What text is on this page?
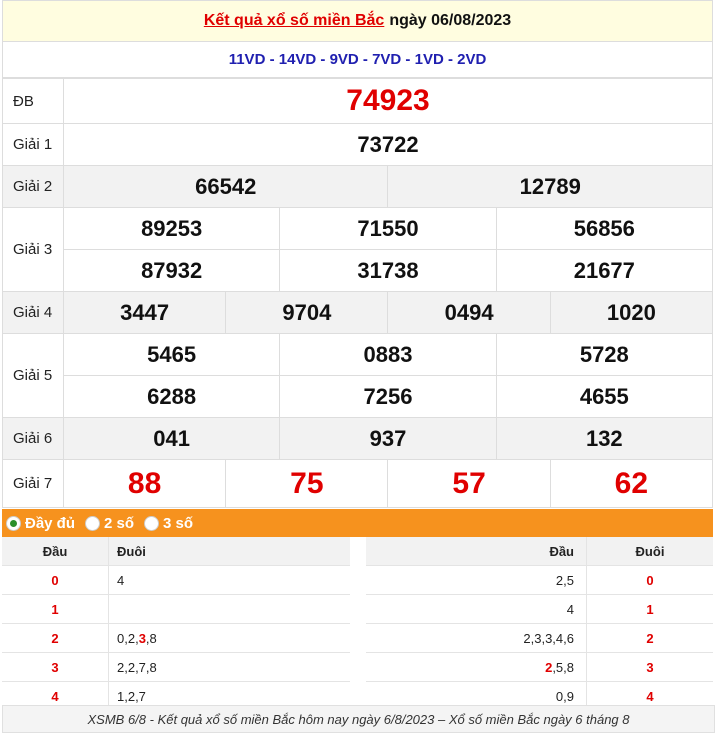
Kết quả xổ số miền Bắc ngày 06/08/2023
11VD - 14VD - 9VD - 7VD - 1VD - 2VD
ĐB	74923					
Giải 1	73722					
Giải 2	66542			12789		
Giải 3	89253		71550		56856	
	87932		31738		21677	
Giải 4	3447	9704		0494		1020
Giải 5	5465		0883		5728	
	6288		7256		4655	
Giải 6	041		937		132	
Giải 7	88	75		57		62
Đầy đủ 2 số 3 số
Đầu	Đuôi
0	4
1	
2	0,2,3,8
3	2,2,7,8
4	1,2,7
Đầu	Đuôi
2,5	0
4	1
2,3,3,4,6	2
2,5,8	3
0,9	4
XSMB 6/8 - Kết quả xổ số miền Bắc hôm nay ngày 6/8/2023 – Xổ số miền Bắc ngày 6 tháng 8
